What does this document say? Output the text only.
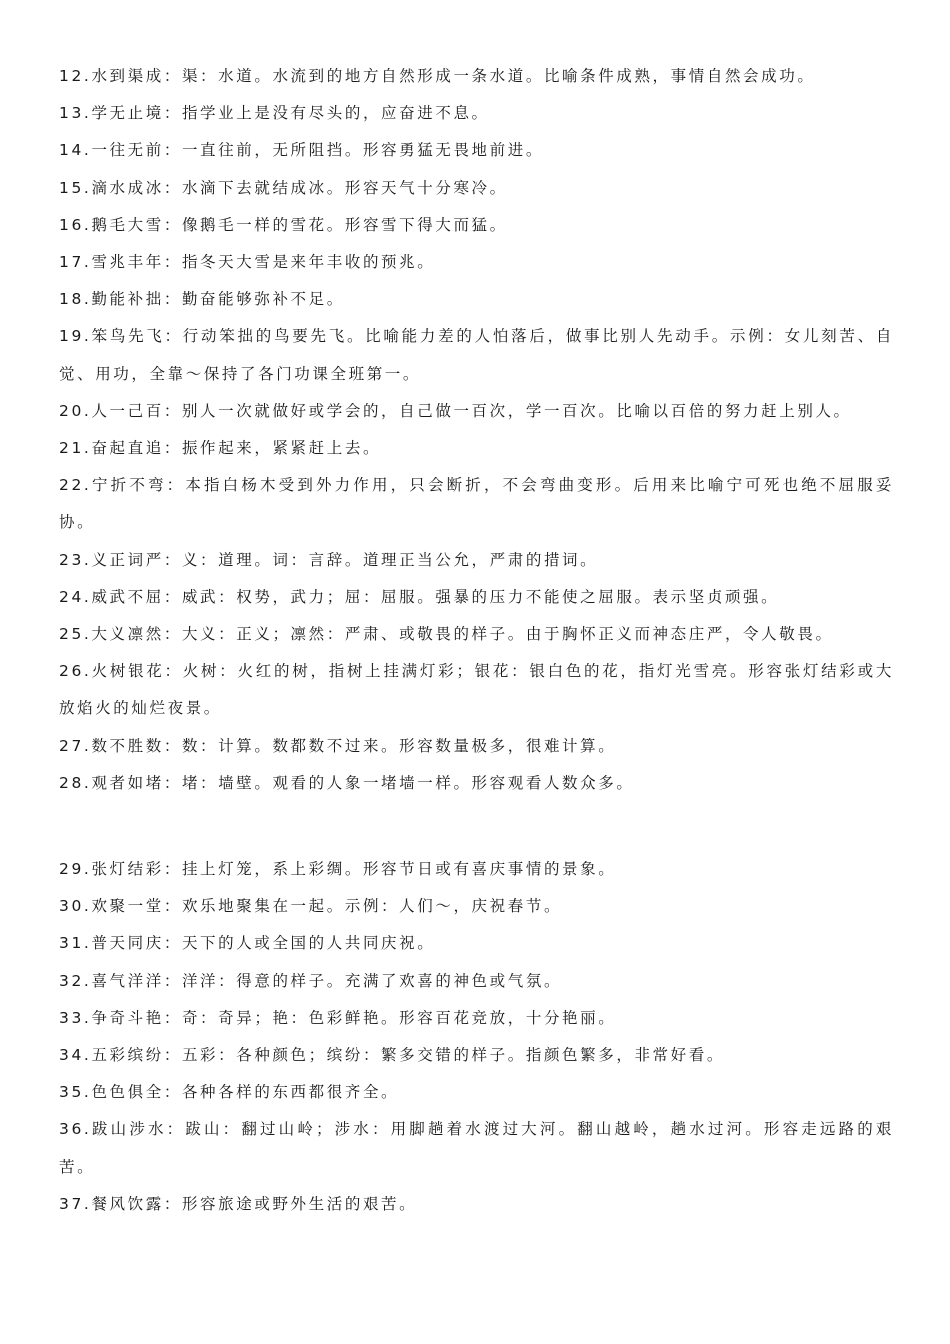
12.水到渠成：渠：水道。水流到的地方自然形成一条水道。比喻条件成熟，事情自然会成功。

13.学无止境：指学业上是没有尽头的，应奋进不息。

14.一往无前：一直往前，无所阻挡。形容勇猛无畏地前进。

15.滴水成冰：水滴下去就结成冰。形容天气十分寒冷。

16.鹅毛大雪：像鹅毛一样的雪花。形容雪下得大而猛。

17.雪兆丰年：指冬天大雪是来年丰收的预兆。

18.勤能补拙：勤奋能够弥补不足。

19.笨鸟先飞：行动笨拙的鸟要先飞。比喻能力差的人怕落后，做事比别人先动手。示例：女儿刻苦、自觉、用功，全靠～保持了各门功课全班第一。

20.人一己百：别人一次就做好或学会的，自己做一百次，学一百次。比喻以百倍的努力赶上别人。

21.奋起直追：振作起来，紧紧赶上去。

22.宁折不弯：本指白杨木受到外力作用，只会断折，不会弯曲变形。后用来比喻宁可死也绝不屈服妥协。

23.义正词严：义：道理。词：言辞。道理正当公允，严肃的措词。

24.威武不屈：威武：权势，武力；屈：屈服。强暴的压力不能使之屈服。表示坚贞顽强。

25.大义凛然：大义：正义；凛然：严肃、或敬畏的样子。由于胸怀正义而神态庄严，令人敬畏。

26.火树银花：火树：火红的树，指树上挂满灯彩；银花：银白色的花，指灯光雪亮。形容张灯结彩或大放焰火的灿烂夜景。

27.数不胜数：数：计算。数都数不过来。形容数量极多，很难计算。

28.观者如堵：堵：墙壁。观看的人象一堵墙一样。形容观看人数众多。

29.张灯结彩：挂上灯笼，系上彩绸。形容节日或有喜庆事情的景象。

30.欢聚一堂：欢乐地聚集在一起。示例：人们～，庆祝春节。

31.普天同庆：天下的人或全国的人共同庆祝。

32.喜气洋洋：洋洋：得意的样子。充满了欢喜的神色或气氛。

33.争奇斗艳：奇：奇异；艳：色彩鲜艳。形容百花竞放，十分艳丽。

34.五彩缤纷：五彩：各种颜色；缤纷：繁多交错的样子。指颜色繁多，非常好看。

35.色色俱全：各种各样的东西都很齐全。

36.跋山涉水：跋山：翻过山岭；涉水：用脚趟着水渡过大河。翻山越岭，趟水过河。形容走远路的艰苦。

37.餐风饮露：形容旅途或野外生活的艰苦。
